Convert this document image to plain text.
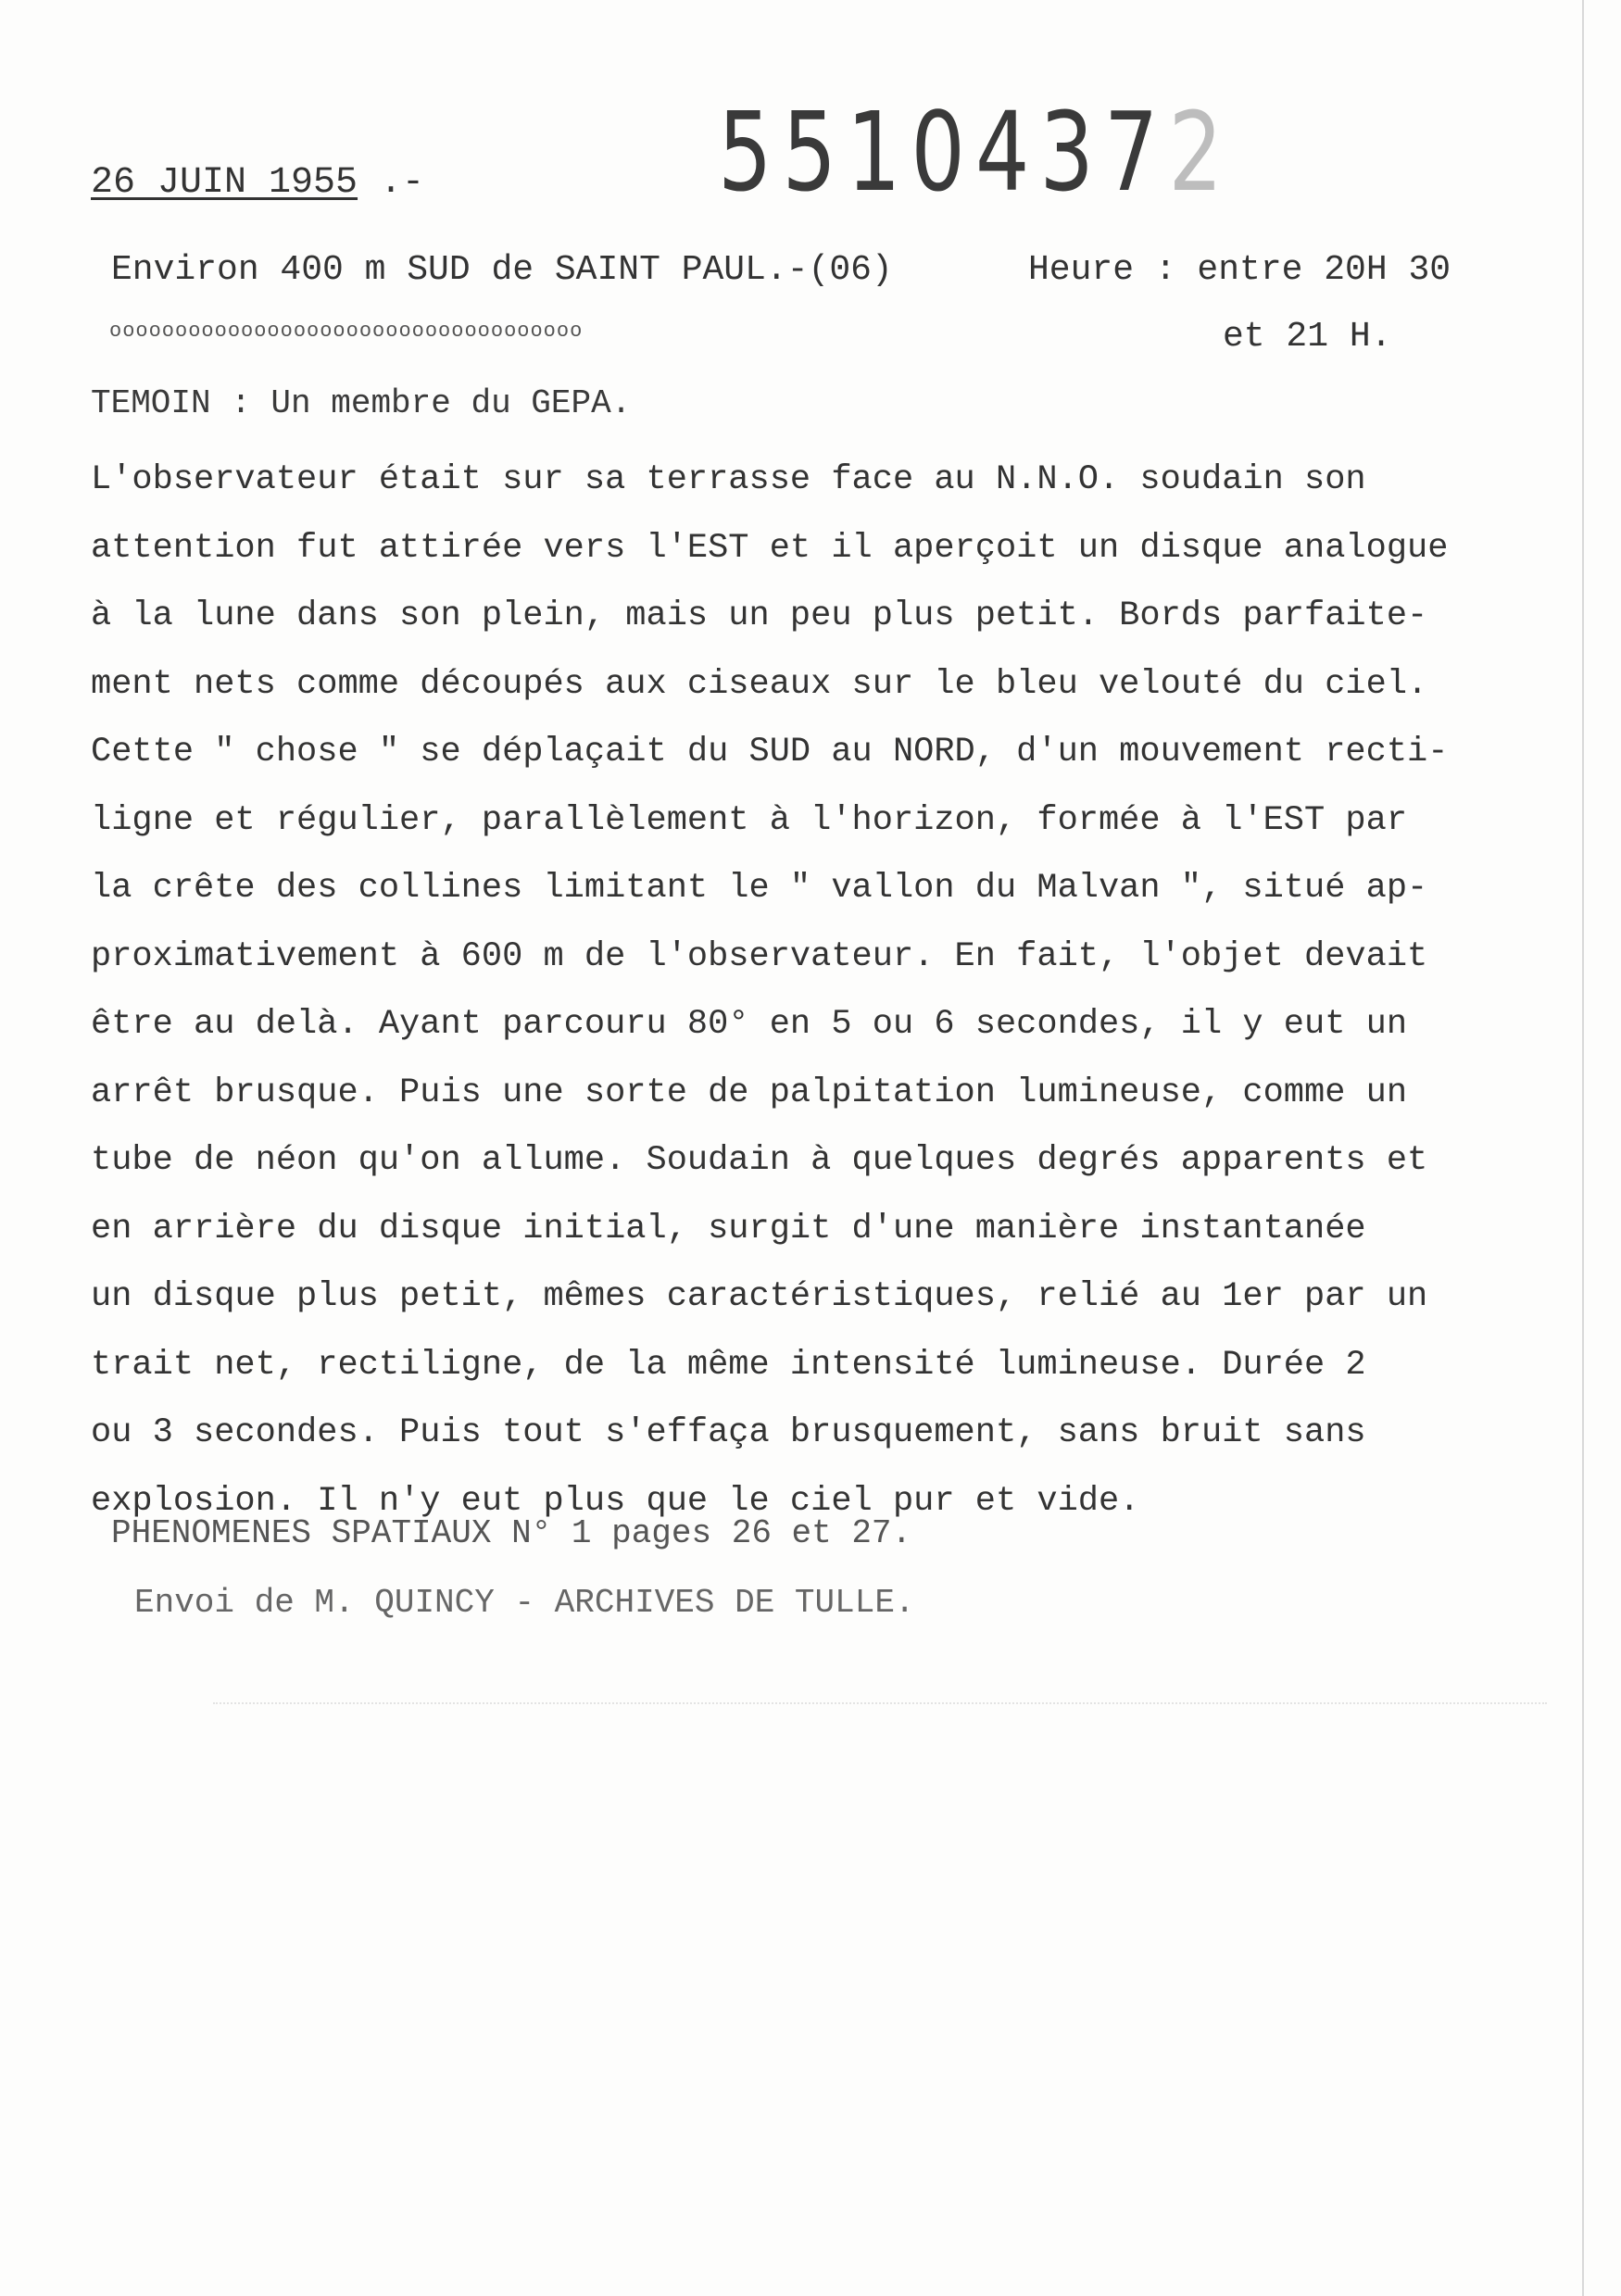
55104372
26 JUIN 1955 .-
Environ 400 m SUD de SAINT PAUL.-(06)	Heure : entre 20H 30
et 21 H.
oooooooooooooooooooooooooooooooooooo
TEMOIN : Un membre du GEPA.
L'observateur était sur sa terrasse face au N.N.O. soudain son
attention fut attirée vers l'EST et il aperçoit un disque analogue
à la lune dans son plein, mais un peu plus petit. Bords parfaite-
ment nets comme découpés aux ciseaux sur le bleu velouté du ciel.
Cette " chose " se déplaçait du SUD au NORD, d'un mouvement recti-
ligne et régulier, parallèlement à l'horizon, formée à l'EST par
la crête des collines limitant le " vallon du Malvan ", situé ap-
proximativement à 600 m de l'observateur. En fait, l'objet devait
être au delà. Ayant parcouru 80° en 5 ou 6 secondes, il y eut un
arrêt brusque. Puis une sorte de palpitation lumineuse, comme un
tube de néon qu'on allume. Soudain à quelques degrés apparents et
en arrière du disque initial, surgit d'une manière instantanée
un disque plus petit, mêmes caractéristiques, relié au 1er par un
trait net, rectiligne, de la même intensité lumineuse. Durée 2
ou 3 secondes. Puis tout s'effaça brusquement, sans bruit sans
explosion. Il n'y eut plus que le ciel pur et vide.
PHENOMENES SPATIAUX N° 1 pages 26 et 27.
Envoi de M. QUINCY - ARCHIVES DE TULLE.
